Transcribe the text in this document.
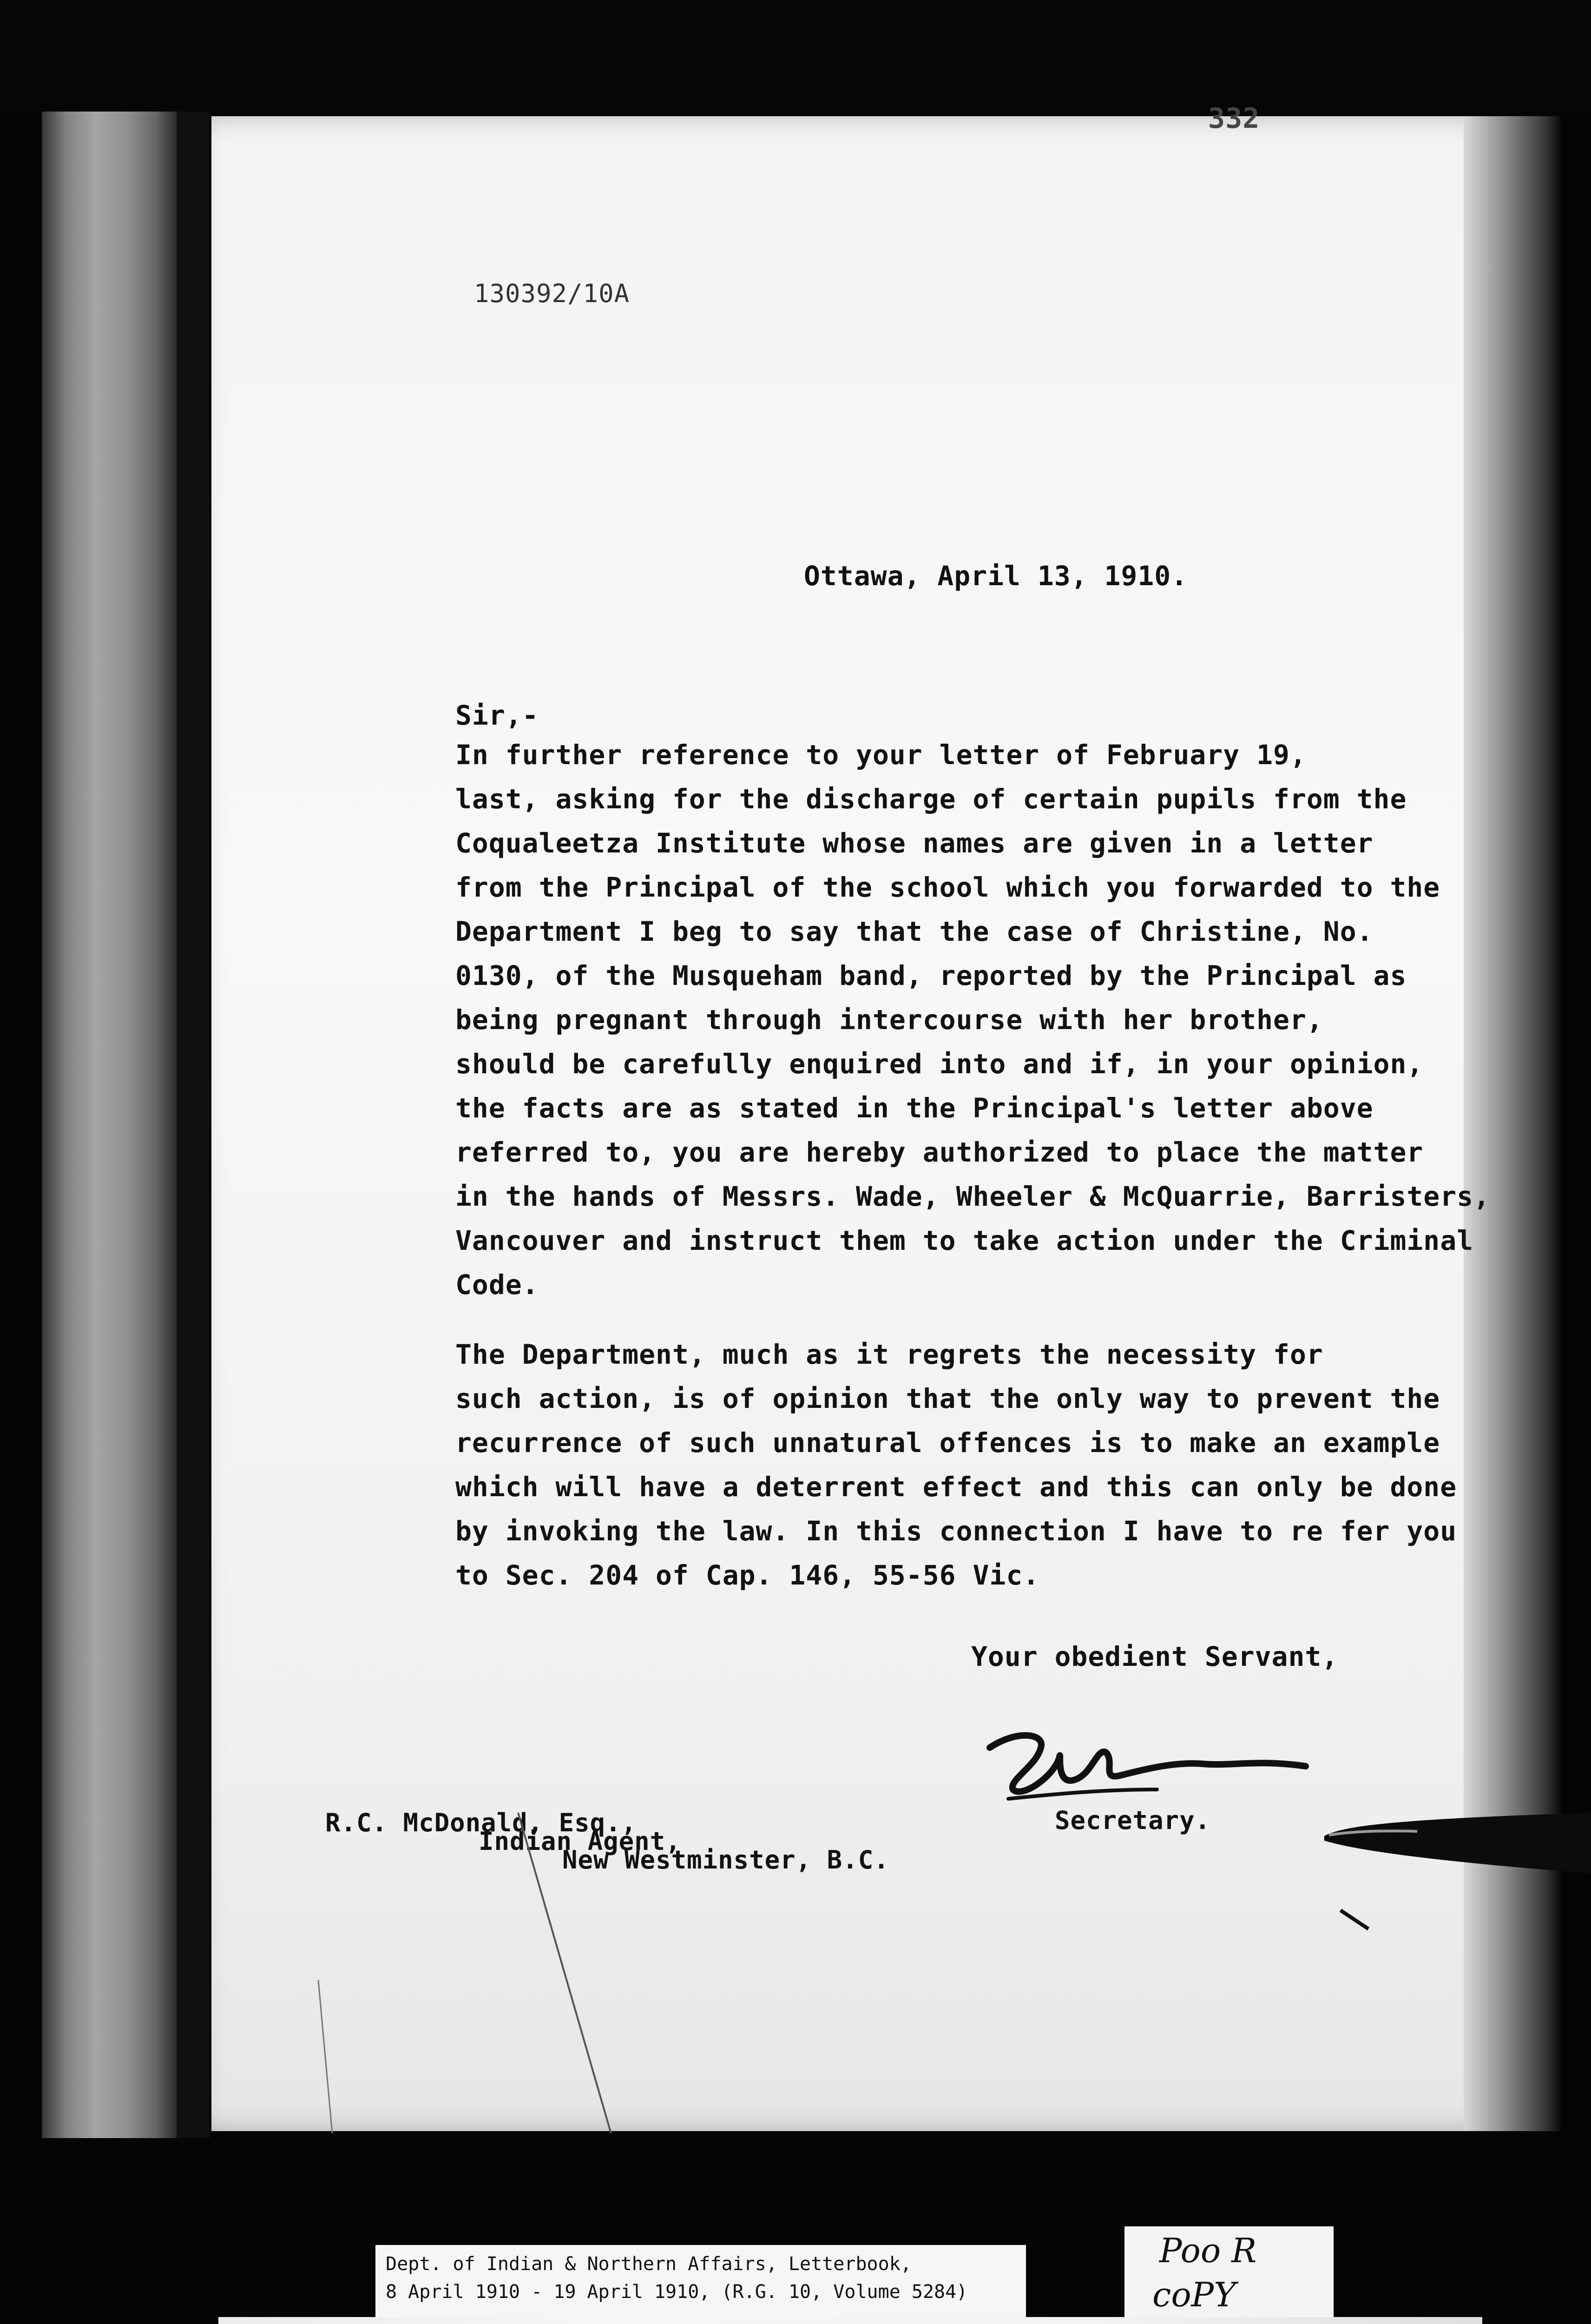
332
130392/10A
Ottawa, April 13, 1910.
Sir,-
In further reference to your letter of February 19,
last, asking for the discharge of certain pupils from the
Coqualeetza Institute whose names are given in a letter
from the Principal of the school which you forwarded to the
Department I beg to say that the case of Christine, No.
0130, of the Musqueham band, reported by the Principal as
being pregnant through intercourse with her brother,
should be carefully enquired into and if, in your opinion,
the facts are as stated in the Principal's letter above
referred to, you are hereby authorized to place the matter
in the hands of Messrs. Wade, Wheeler & McQuarrie, Barristers,
Vancouver and instruct them to take action under the Criminal
Code.
The Department, much as it regrets the necessity for
such action, is of opinion that the only way to prevent the
recurrence of such unnatural offences is to make an example
which will have a deterrent effect and this can only be done
by invoking the law. In this connection I have to re fer you
to Sec. 204 of Cap. 146, 55-56 Vic.
Your obedient Servant,
Secretary.
R.C. McDonald, Esq.,
Indian Agent,
New Westminster, B.C.
Dept. of Indian & Northern Affairs, Letterbook,
8 April 1910 - 19 April 1910, (R.G. 10, Volume 5284)
Poo R
coPY
